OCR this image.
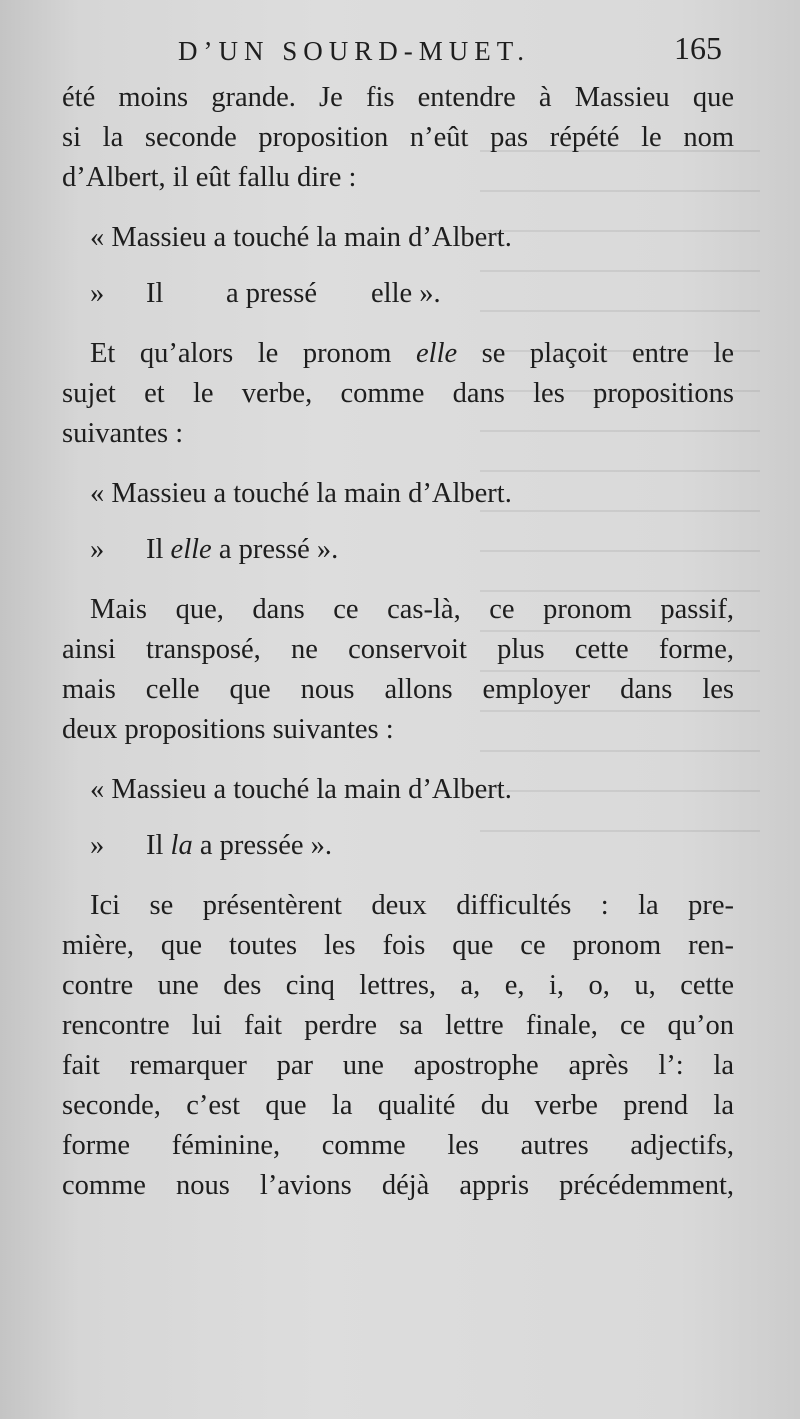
D’UN SOURD-MUET.	165
été moins grande. Je fis entendre à Massieu que
si la seconde proposition n’eût pas répété le nom
d’Albert, il eût fallu dire :
« Massieu a touché la main d’Albert.
» Il a pressé elle ».
Et qu’alors le pronom elle se plaçoit entre le
sujet et le verbe, comme dans les propositions
suivantes :
« Massieu a touché la main d’Albert.
» Il elle a pressé ».
Mais que, dans ce cas-là, ce pronom passif,
ainsi transposé, ne conservoit plus cette forme,
mais celle que nous allons employer dans les
deux propositions suivantes :
« Massieu a touché la main d’Albert.
» Il la a pressée ».
Ici se présentèrent deux difficultés : la pre-
mière, que toutes les fois que ce pronom ren-
contre une des cinq lettres, a, e, i, o, u, cette
rencontre lui fait perdre sa lettre finale, ce qu’on
fait remarquer par une apostrophe après l’: la
seconde, c’est que la qualité du verbe prend la
forme féminine, comme les autres adjectifs,
comme nous l’avions déjà appris précédemment,
